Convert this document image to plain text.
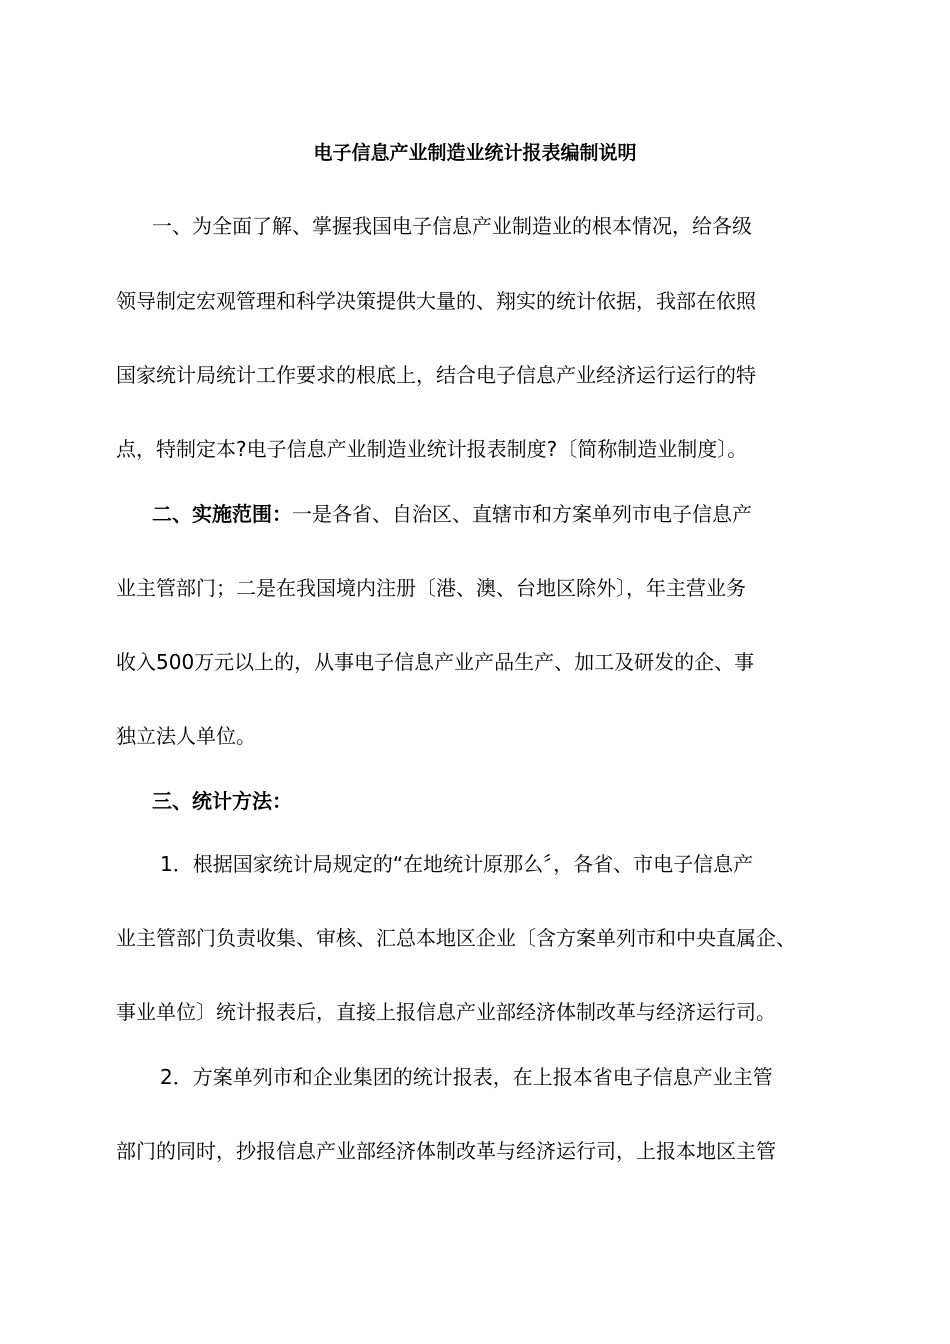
电子信息产业制造业统计报表编制说明
一、为全面了解、掌握我国电子信息产业制造业的根本情况，给各级
领导制定宏观管理和科学决策提供大量的、翔实的统计依据，我部在依照
国家统计局统计工作要求的根底上，结合电子信息产业经济运行运行的特
点，特制定本?电子信息产业制造业统计报表制度?〔简称制造业制度〕。
二、实施范围：一是各省、自治区、直辖市和方案单列市电子信息产
业主管部门；二是在我国境内注册〔港、澳、台地区除外〕，年主营业务
收入500万元以上的，从事电子信息产业产品生产、加工及研发的企、事
独立法人单位。
三、统计方法：
1．根据国家统计局规定的“在地统计原那么〞，各省、市电子信息产
业主管部门负责收集、审核、汇总本地区企业〔含方案单列市和中央直属企、
事业单位〕统计报表后，直接上报信息产业部经济体制改革与经济运行司。
2．方案单列市和企业集团的统计报表，在上报本省电子信息产业主管
部门的同时，抄报信息产业部经济体制改革与经济运行司，上报本地区主管
